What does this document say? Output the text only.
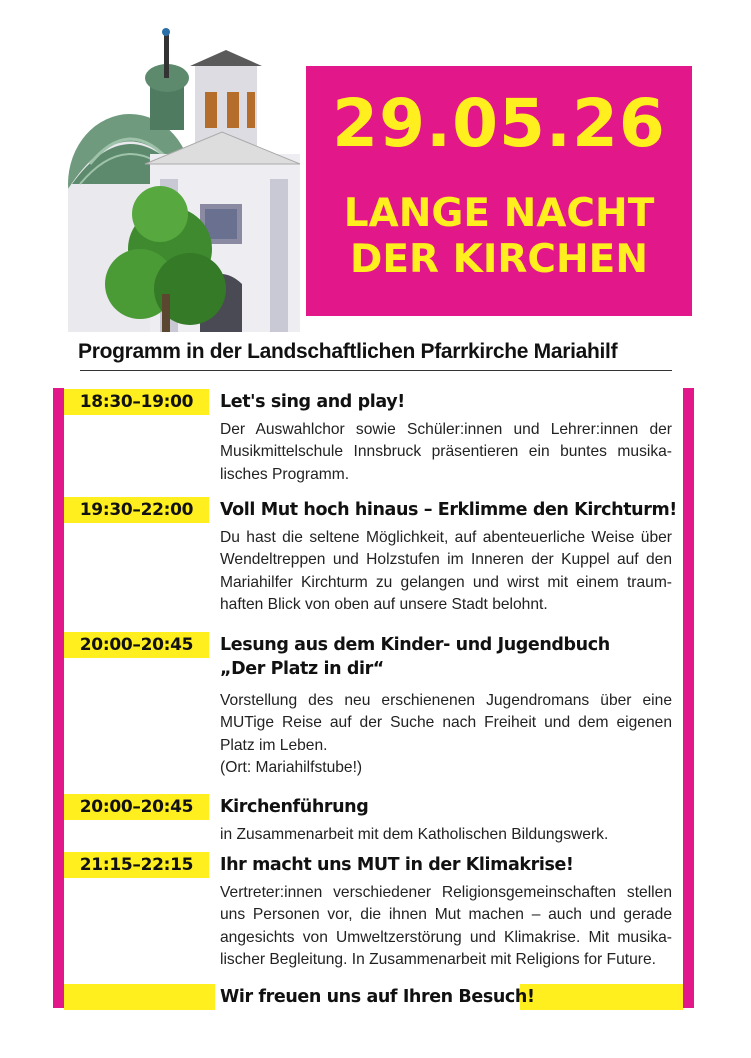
29.05.26
LANGE NACHT
DER KIRCHEN
Programm in der Landschaftlichen Pfarrkirche Mariahilf
18:30–19:00	Let's sing and play!
Der Auswahlchor sowie Schüler:innen und Lehrer:innen der
Musikmittelschule Innsbruck präsentieren ein buntes musika-
lisches Programm.
19:30–22:00	Voll Mut hoch hinaus – Erklimme den Kirchturm!
Du hast die seltene Möglichkeit, auf abenteuerliche Weise über
Wendeltreppen und Holzstufen im Inneren der Kuppel auf den
Mariahilfer Kirchturm zu gelangen und wirst mit einem traum-
haften Blick von oben auf unsere Stadt belohnt.
20:00–20:45	Lesung aus dem Kinder- und Jugendbuch
„Der Platz in dir“
Vorstellung des neu erschienenen Jugendromans über eine
MUTige Reise auf der Suche nach Freiheit und dem eigenen
Platz im Leben.
(Ort: Mariahilfstube!)
20:00–20:45	Kirchenführung
in Zusammenarbeit mit dem Katholischen Bildungswerk.
21:15–22:15	Ihr macht uns MUT in der Klimakrise!
Vertreter:innen verschiedener Religionsgemeinschaften stellen
uns Personen vor, die ihnen Mut machen – auch und gerade
angesichts von Umweltzerstörung und Klimakrise. Mit musika-
lischer Begleitung. In Zusammenarbeit mit Religions for Future.
Wir freuen uns auf Ihren Besuch!
